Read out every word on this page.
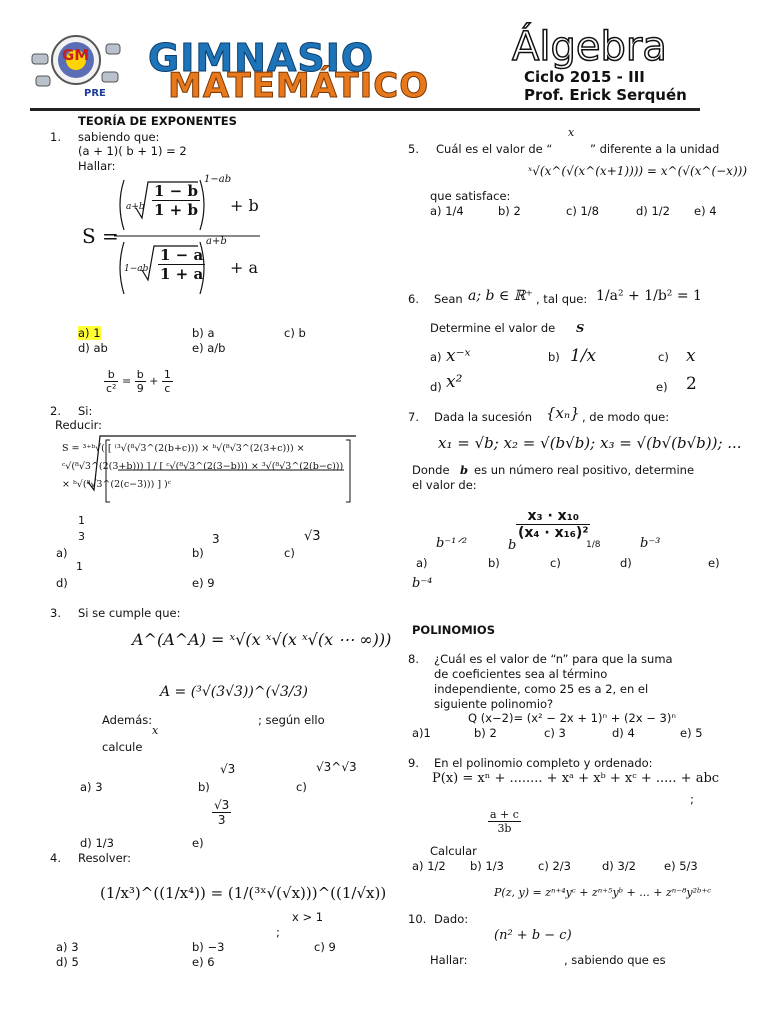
GM
PRE
GIMNASIO
MATEMÁTICO
Álgebra
Ciclo 2015 - III
Prof. Erick Serquén
TEORÍA DE EXPONENTES
1. sabiendo que:
(a + 1)( b + 1) = 2
Hallar:
S =
$a+b \frac{1 - b}{1 + b}$
1−ab
+ b
$1-ab \frac{1 - a}{1 + a}$
a+b
+ a
a) 1	b) a	c) b
d) ab	e) a/b
$\frac{b}{\text{c²}} = \frac{b}{9} + \frac{1}{c}$
2. Si:
Reducir:
S = ³⁺ᵇ√( [ ⁽³√(⁸√3^(2(b+c))) × ᵇ√(⁸√3^(2(3+c))) × ᶜ√(⁸√3^(2(3+b))) ] / [ ᶜ√(⁸√3^(2(3−b))) × ³√(⁸√3^(2(b−c))) × ᵇ√(⁸√3^(2(c−3))) ] )ᶜ
1
3	3	√3
a)	b)	c)
1
d)	e) 9
3. Si se cumple que:
A^(A^A) = ˣ√(x ˣ√(x ˣ√(x ⋯ ∞)))
A = (³√(3√3))^(√3/3)
Además:	; según ello
x
calcule
√3	√3^√3
a) 3	b)	c)
$\frac{√3}{3}$
d) 1/3	e)
4. Resolver:
(1/x³)^((1/x⁴)) = (1/(³ˣ√(√x)))^((1/√x))
x > 1
;
a) 3	b) −3	c) 9
d) 5	e) 6
x
5. Cuál es el valor de “	” diferente a la unidad
ˣ√(x^(√(x^(x+1)))) = x^(√(x^(−x)))
que satisface:
a) 1/4	b) 2	c) 1/8	d) 1/2 e) 4
6. Sean a; b ∈ ℝ⁺ , tal que: 1/a² + 1/b² = 1
Determine el valor de S
a) x⁻ˣ	b) 1/x	c) x
d) x²	e) 2
7. Dada la sucesión {xₙ} , de modo que:
x₁ = √b; x₂ = √(b√b); x₃ = √(b√(b√b)); ...
Donde b es un número real positivo, determine
el valor de:
$\frac{\text{x₃ · x₁₀}}{\text{(x₄ · x₁₆)²}}$
b⁻¹ᐟ²	b	1/8	b⁻³
a)	b)	c)	d)	e)
b⁻⁴
POLINOMIOS
8. ¿Cuál es el valor de “n” para que la suma
de coeficientes sea al término
independiente, como 25 es a 2, en el
siguiente polinomio?
Q (x−2)= (x² − 2x + 1)ⁿ + (2x − 3)ⁿ
a)1	b) 2	c) 3	d) 4	e) 5
9. En el polinomio completo y ordenado:
P(x) = xⁿ + ........ + xᵃ + xᵇ + xᶜ + ..... + abc
;
$\frac{a + c}{3b}$
Calcular
a) 1/2 b) 1/3	c) 2/3	d) 3/2 e) 5/3
P(z, y) = zⁿ⁺⁴yᶜ + zⁿ⁺⁵yᵇ + ... + zⁿ⁻⁸y²ᵇ⁺ᶜ
10. Dado:
(n² + b − c)
Hallar:	, sabiendo que es
